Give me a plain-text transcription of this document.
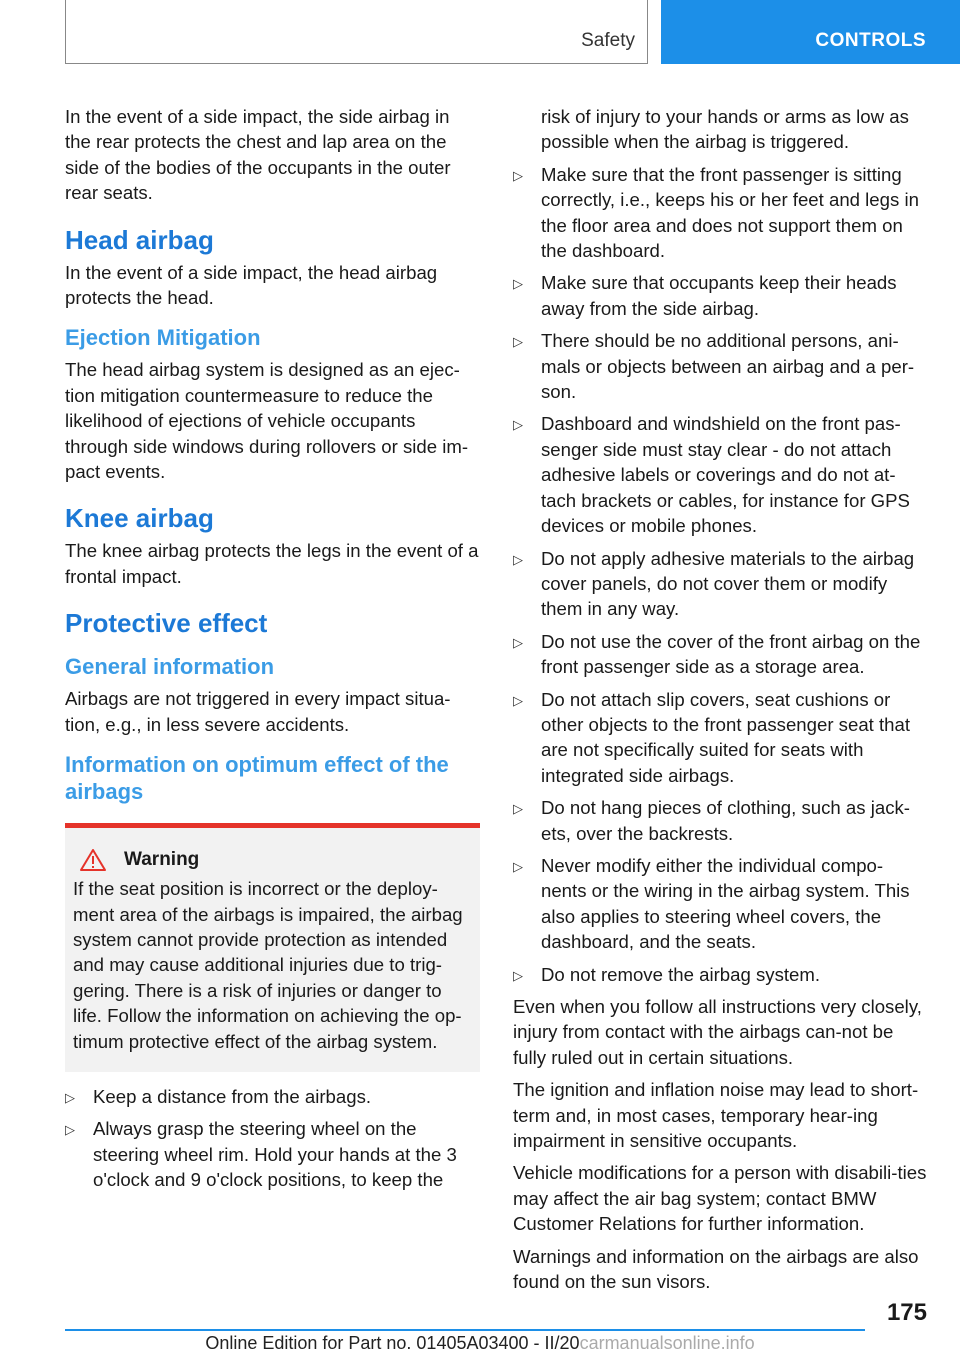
Safety	CONTROLS

In the event of a side impact, the side airbag in the rear protects the chest and lap area on the side of the bodies of the occupants in the outer rear seats.

Head airbag

In the event of a side impact, the head airbag protects the head.

Ejection Mitigation

The head airbag system is designed as an ejec‐tion mitigation countermeasure to reduce the likelihood of ejections of vehicle occupants through side windows during rollovers or side im‐pact events.

Knee airbag

The knee airbag protects the legs in the event of a frontal impact.

Protective effect
General information

Airbags are not triggered in every impact situa‐tion, e.g., in less severe accidents.

Information on optimum effect of the airbags
Warning

If the seat position is incorrect or the deploy‐ment area of the airbags is impaired, the airbag system cannot provide protection as intended and may cause additional injuries due to trig‐gering. There is a risk of injuries or danger to life. Follow the information on achieving the op‐timum protective effect of the airbag system.

▷ Keep a distance from the airbags.
▷ Always grasp the steering wheel on the steering wheel rim. Hold your hands at the 3 o'clock and 9 o'clock positions, to keep the
risk of injury to your hands or arms as low as possible when the airbag is triggered.
▷ Make sure that the front passenger is sitting correctly, i.e., keeps his or her feet and legs in the floor area and does not support them on the dashboard.
▷ Make sure that occupants keep their heads away from the side airbag.
▷ There should be no additional persons, ani‐mals or objects between an airbag and a per‐son.
▷ Dashboard and windshield on the front pas‐senger side must stay clear - do not attach adhesive labels or coverings and do not at‐tach brackets or cables, for instance for GPS devices or mobile phones.
▷ Do not apply adhesive materials to the airbag cover panels, do not cover them or modify them in any way.
▷ Do not use the cover of the front airbag on the front passenger side as a storage area.
▷ Do not attach slip covers, seat cushions or other objects to the front passenger seat that are not specifically suited for seats with integrated side airbags.
▷ Do not hang pieces of clothing, such as jack‐ets, over the backrests.
▷ Never modify either the individual compo‐nents or the wiring in the airbag system. This also applies to steering wheel covers, the dashboard, and the seats.
▷ Do not remove the airbag system.

Even when you follow all instructions very closely, injury from contact with the airbags can‐not be fully ruled out in certain situations.

The ignition and inflation noise may lead to short-term and, in most cases, temporary hear‐ing impairment in sensitive occupants.

Vehicle modifications for a person with disabili‐ties may affect the air bag system; contact BMW Customer Relations for further information.

Warnings and information on the airbags are also found on the sun visors.

175
Online Edition for Part no. 01405A03400 - II/20carmanualsonline.info
